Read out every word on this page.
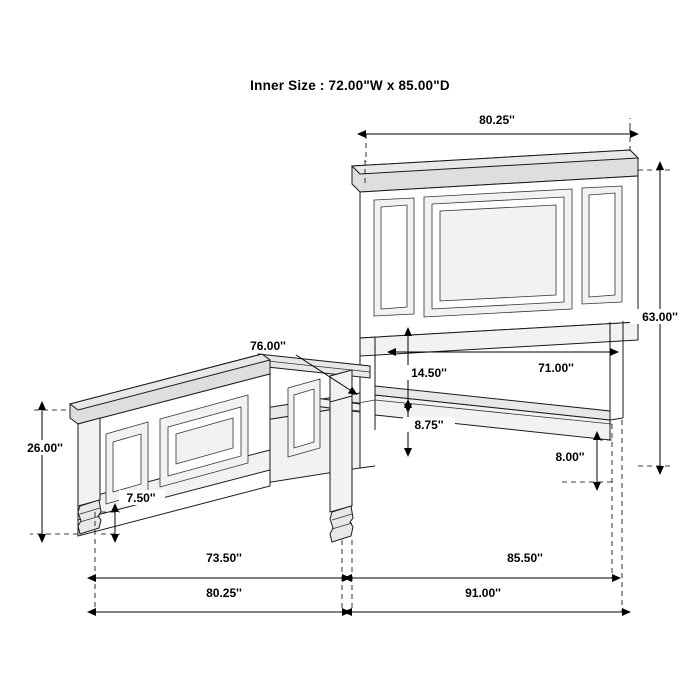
Inner Size : 72.00"W x 85.00"D
80.25''
63.00''
71.00''
14.50''
8.75''
8.00''
76.00''
26.00''
7.50''
73.50''	85.50''
80.25''	91.00''
